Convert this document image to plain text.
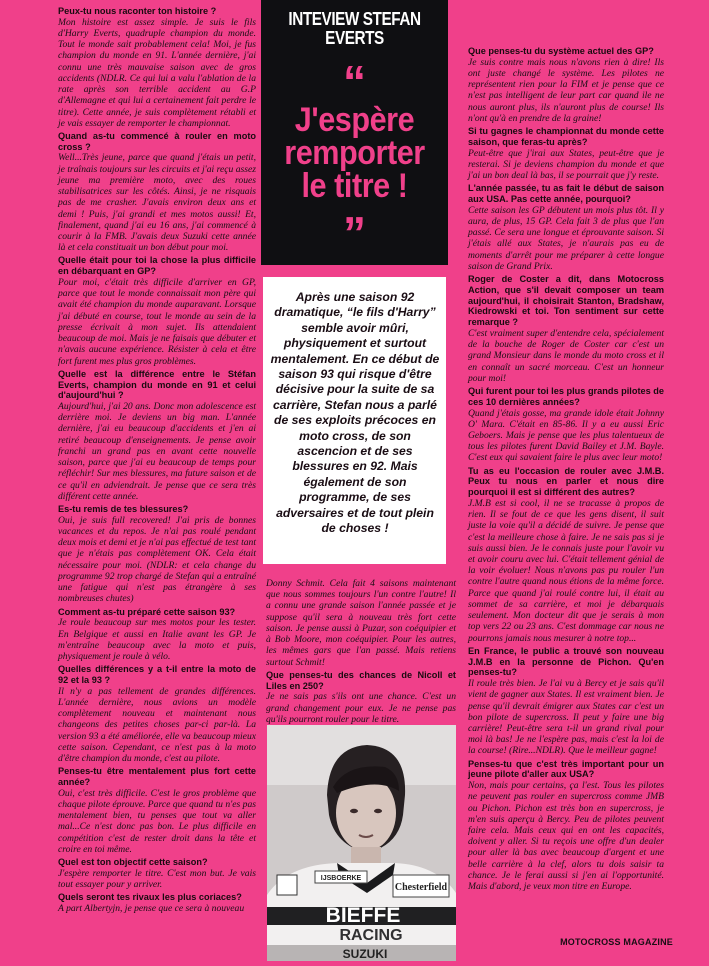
Peux-tu nous raconter ton histoire ?

Mon histoire est assez simple. Je suis le fils d'Harry Everts, quadruple champion du monde. Tout le monde sait probablement cela! Moi, je fus champion du monde en 91. L'année dernière, j'ai connu une très mauvaise saison avec de gros accidents (NDLR. Ce qui lui a valu l'ablation de la rate après son terrible accident au G.P d'Allemagne et qui lui a certainement fait perdre le titre). Cette année, je suis complètement rétabli et je vais essayer de remporter le championnat.

Quand as-tu commencé à rouler en moto cross ?

Well...Très jeune, parce que quand j'étais un petit, je traînais toujours sur les circuits et j'ai reçu assez jeune ma première moto, avec des roues stabilisatrices sur les côtés. Ainsi, je ne risquais pas de me crasher. J'avais environ deux ans et demi ! Puis, j'ai grandi et mes motos aussi! Et, finalement, quand j'ai eu 16 ans, j'ai commencé à courir à la FMB. J'avais deux Suzuki cette année là et cela constituait un bon début pour moi.

Quelle était pour toi la chose la plus difficile en débarquant en GP?

Pour moi, c'était très difficile d'arriver en GP, parce que tout le monde connaissait mon père qui avait été champion du monde auparavant. Lorsque j'ai débuté en course, tout le monde au sein de la presse écrivait à mon sujet. Ils attendaient beaucoup de moi. Mais je ne faisais que débuter et n'avais aucune expérience. Résister à cela et être fort furent mes plus gros problèmes.

Quelle est la différence entre le Stéfan Everts, champion du monde en 91 et celui d'aujourd'hui ?

Aujourd'hui, j'ai 20 ans. Donc mon adolescence est derrière moi. Je deviens un big man. L'année dernière, j'ai eu beaucoup d'accidents et j'en ai retiré beaucoup d'enseignements. Je pense avoir franchi un grand pas en avant cette nouvelle saison, parce que j'ai eu beaucoup de temps pour réfléchir! Sur mes blessures, ma future saison et de ce qu'il en adviendrait. Je pense que ce sera très différent cette année.

Es-tu remis de tes blessures?

Oui, je suis full recovered! J'ai pris de bonnes vacances et du repos. Je n'ai pas roulé pendant deux mois et demi et je n'ai pas effectué de test tant que je n'étais pas complètement OK. Cela était nécessaire pour moi. (NDLR: et cela change du programme 92 trop chargé de Stefan qui a entraîné une fatigue qui n'est pas étrangère à ses nombreuses chutes)

Comment as-tu préparé cette saison 93?

Je roule beaucoup sur mes motos pour les tester. En Belgique et aussi en Italie avant les GP. Je m'entraîne beaucoup avec la moto et puis, physiquement je roule à vélo.

Quelles différences y a t-il entre la moto de 92 et la 93 ?

Il n'y a pas tellement de grandes différences. L'année dernière, nous avions un modèle complètement nouveau et maintenant nous changeons des petites choses par-ci par-là. La version 93 a été améliorée, elle va beaucoup mieux cette saison. Cependant, ce n'est pas à la moto d'être champion du monde, c'est au pilote.

Penses-tu être mentalement plus fort cette année?

Oui, c'est très difficile. C'est le gros problème que chaque pilote éprouve. Parce que quand tu n'es pas mentalement bien, tu penses que tout va aller mal...Ce n'est donc pas bon. Le plus difficile en compétition c'est de rester droit dans la tête et croire en toi même.

Quel est ton objectif cette saison?

J'espère remporter le titre. C'est mon but. Je vais tout essayer pour y arriver.

Quels seront tes rivaux les plus coriaces?

A part Albertyjn, je pense que ce sera à nouveau

INTEVIEW STEFAN EVERTS
“
J'espère remporter le titre !
”
Après une saison 92 dramatique, “le fils d'Harry” semble avoir mûri, physiquement et surtout mentalement. En ce début de saison 93 qui risque d'être décisive pour la suite de sa carrière, Stefan nous a parlé de ses exploits précoces en moto cross, de son ascencion et de ses blessures en 92. Mais également de son programme, de ses adversaires et de tout plein de choses !

Donny Schmit. Cela fait 4 saisons maintenant que nous sommes toujours l'un contre l'autre! Il a connu une grande saison l'année passée et je suppose qu'il sera à nouveau très fort cette saison. Je pense aussi à Puzar, son coéquipier et à Bob Moore, mon coéquipier. Pour les autres, les mêmes gars que l'an passé. Mais retiens surtout Schmit!

Que penses-tu des chances de Nicoll et Liles en 250?

Je ne sais pas s'ils ont une chance. C'est un grand changement pour eux. Je ne pense pas qu'ils pourront rouler pour le titre.

IJSBOERKE
Chesterfield
BIEFFE
RACING
SUZUKI

Que penses-tu du système actuel des GP?

Je suis contre mais nous n'avons rien à dire! Ils ont juste changé le système. Les pilotes ne représentent rien pour la FIM et je pense que ce n'est pas intelligent de leur part car quand ile ne nous auront plus, ils n'auront plus de course! Ils n'ont qu'à en prendre de la graine!

Si tu gagnes le championnat du monde cette saison, que feras-tu après?

Peut-être que j'irai aux States, peut-être que je resterai. Si je deviens champion du monde et que j'ai un bon deal là bas, il se pourrait que j'y reste.

L'année passée, tu as fait le début de saison aux USA. Pas cette année, pourquoi?

Cette saison les GP débutent un mois plus tôt. Il y aura, de plus, 15 GP. Cela fait 3 de plus que l'an passé. Ce sera une longue et éprouvante saison. Si j'étais allé aux States, je n'aurais pas eu de moments d'arrêt pour me préparer à cette longue saison de Grand Prix.

Roger de Coster a dit, dans Motocross Action, que s'il devait composer un team aujourd'hui, il choisirait Stanton, Bradshaw, Kiedrowski et toi. Ton sentiment sur cette remarque ?

C'est vraiment super d'entendre cela, spécialement de la bouche de Roger de Coster car c'est un grand Monsieur dans le monde du moto cross et il en connaît un sacré morceau. C'est un honneur pour moi!

Qui furent pour toi les plus grands pilotes de ces 10 dernières années?

Quand j'étais gosse, ma grande idole était Johnny O' Mara. C'était en 85-86. Il y a eu aussi Eric Geboers. Mais je pense que les plus talentueux de tous les pilotes furent David Bailey et J.M. Bayle. C'est eux qui savaient faire le plus avec leur moto!

Tu as eu l'occasion de rouler avec J.M.B. Peux tu nous en parler et nous dire pourquoi il est si différent des autres?

J.M.B est si cool, il ne se tracasse à propos de rien. Il se fout de ce que les gens disent, il suit juste la voie qu'il a décidé de suivre. Je pense que c'est la meilleure chose à faire. Je ne sais pas si je suis aussi bien. Je le connais juste pour l'avoir vu et avoir couru avec lui. C'était tellement génial de la voir évoluer! Nous n'avons pas pu rouler l'un contre l'autre quand nous étions de la même force. Parce que quand j'ai roulé contre lui, il était au sommet de sa carrière, et moi je débarquais seulement. Mon docteur dit que je serais à mon top vers 22 ou 23 ans. C'est dommage car nous ne pourrons jamais nous mesurer à notre top...

En France, le public a trouvé son nouveau J.M.B en la personne de Pichon. Qu'en penses-tu?

Il roule très bien. Je l'ai vu à Bercy et je sais qu'il vient de gagner aux States. Il est vraiment bien. Je pense qu'il devrait émigrer aux States car c'est un bon pilote de supercross. Il peut y faire une big carrière! Peut-être sera t-il un grand rival pour moi là bas! Je ne l'espère pas, mais c'est la loi de la course! (Rire...NDLR). Que le meilleur gagne!

Penses-tu que c'est très important pour un jeune pilote d'aller aux USA?

Non, mais pour certains, ça l'est. Tous les pilotes ne peuvent pas rouler en supercross comme JMB ou Pichon. Pichon est très bon en supercross, je m'en suis aperçu à Bercy. Peu de pilotes peuvent faire cela. Mais ceux qui en ont les capacités, doivent y aller. Si tu reçois une offre d'un dealer pour aller là bas avec beaucoup d'argent et une belle carrière à la clef, alors tu dois saisir ta chance. Je le ferai aussi si j'en ai l'opportunité. Mais d'abord, je veux mon titre en Europe.

MOTOCROSS MAGAZINE
